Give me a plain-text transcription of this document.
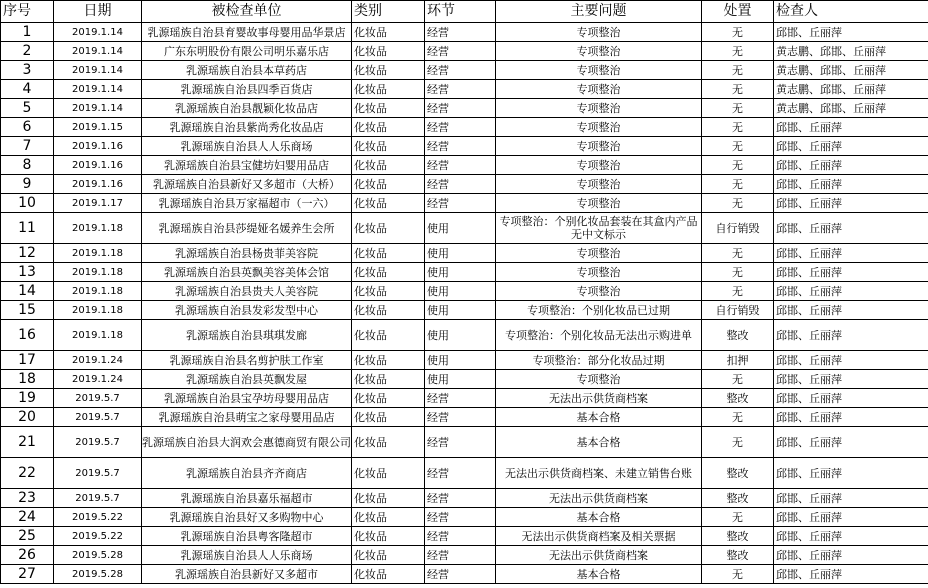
序号	日期	被检查单位	类别	环节	主要问题	处置	检查人
1	2019.1.14	乳源瑶族自治县育婴故事母婴用品华景店	化妆品	经营	专项整治	无	邱邯、丘丽萍
2	2019.1.14	广东东明股份有限公司明乐嘉乐店	化妆品	经营	专项整治	无	黄志鹏、邱邯、丘丽萍
3	2019.1.14	乳源瑶族自治县本草药店	化妆品	经营	专项整治	无	黄志鹏、邱邯、丘丽萍
4	2019.1.14	乳源瑶族自治县四季百货店	化妆品	经营	专项整治	无	黄志鹏、邱邯、丘丽萍
5	2019.1.14	乳源瑶族自治县靓颖化妆品店	化妆品	经营	专项整治	无	黄志鹏、邱邯、丘丽萍
6	2019.1.15	乳源瑶族自治县紫尚秀化妆品店	化妆品	经营	专项整治	无	邱邯、丘丽萍
7	2019.1.16	乳源瑶族自治县人人乐商场	化妆品	经营	专项整治	无	邱邯、丘丽萍
8	2019.1.16	乳源瑶族自治县宝健坊妇婴用品店	化妆品	经营	专项整治	无	邱邯、丘丽萍
9	2019.1.16	乳源瑶族自治县新好又多超市（大桥）	化妆品	经营	专项整治	无	邱邯、丘丽萍
10	2019.1.17	乳源瑶族自治县万家福超市（一六）	化妆品	经营	专项整治	无	邱邯、丘丽萍
11	2019.1.18	乳源瑶族自治县莎缇娅名媛养生会所	化妆品	使用	专项整治：个别化妆品套装在其盒内产品无中文标示	自行销毁	邱邯、丘丽萍
12	2019.1.18	乳源瑶族自治县杨贵菲美容院	化妆品	使用	专项整治	无	邱邯、丘丽萍
13	2019.1.18	乳源瑶族自治县英飘美容美体会馆	化妆品	使用	专项整治	无	邱邯、丘丽萍
14	2019.1.18	乳源瑶族自治县贵夫人美容院	化妆品	使用	专项整治	无	邱邯、丘丽萍
15	2019.1.18	乳源瑶族自治县发彩发型中心	化妆品	使用	专项整治：个别化妆品已过期	自行销毁	邱邯、丘丽萍
16	2019.1.18	乳源瑶族自治县琪琪发廊	化妆品	使用	专项整治：个别化妆品无法出示购进单	整改	邱邯、丘丽萍
17	2019.1.24	乳源瑶族自治县名剪护肤工作室	化妆品	使用	专项整治：部分化妆品过期	扣押	邱邯、丘丽萍
18	2019.1.24	乳源瑶族自治县英飘发屋	化妆品	使用	专项整治	无	邱邯、丘丽萍
19	2019.5.7	乳源瑶族自治县宝孕坊母婴用品店	化妆品	经营	无法出示供货商档案	整改	邱邯、丘丽萍
20	2019.5.7	乳源瑶族自治县萌宝之家母婴用品店	化妆品	经营	基本合格	无	邱邯、丘丽萍
21	2019.5.7	乳源瑶族自治县大润欢会惠德商贸有限公司	化妆品	经营	基本合格	无	邱邯、丘丽萍
22	2019.5.7	乳源瑶族自治县齐齐商店	化妆品	经营	无法出示供货商档案、未建立销售台账	整改	邱邯、丘丽萍
23	2019.5.7	乳源瑶族自治县嘉乐福超市	化妆品	经营	无法出示供货商档案	整改	邱邯、丘丽萍
24	2019.5.22	乳源瑶族自治县好又多购物中心	化妆品	经营	基本合格	无	邱邯、丘丽萍
25	2019.5.22	乳源瑶族自治县粤客隆超市	化妆品	经营	无法出示供货商档案及相关票据	整改	邱邯、丘丽萍
26	2019.5.28	乳源瑶族自治县人人乐商场	化妆品	经营	无法出示供货商档案	整改	邱邯、丘丽萍
27	2019.5.28	乳源瑶族自治县新好又多超市	化妆品	经营	基本合格	无	邱邯、丘丽萍
